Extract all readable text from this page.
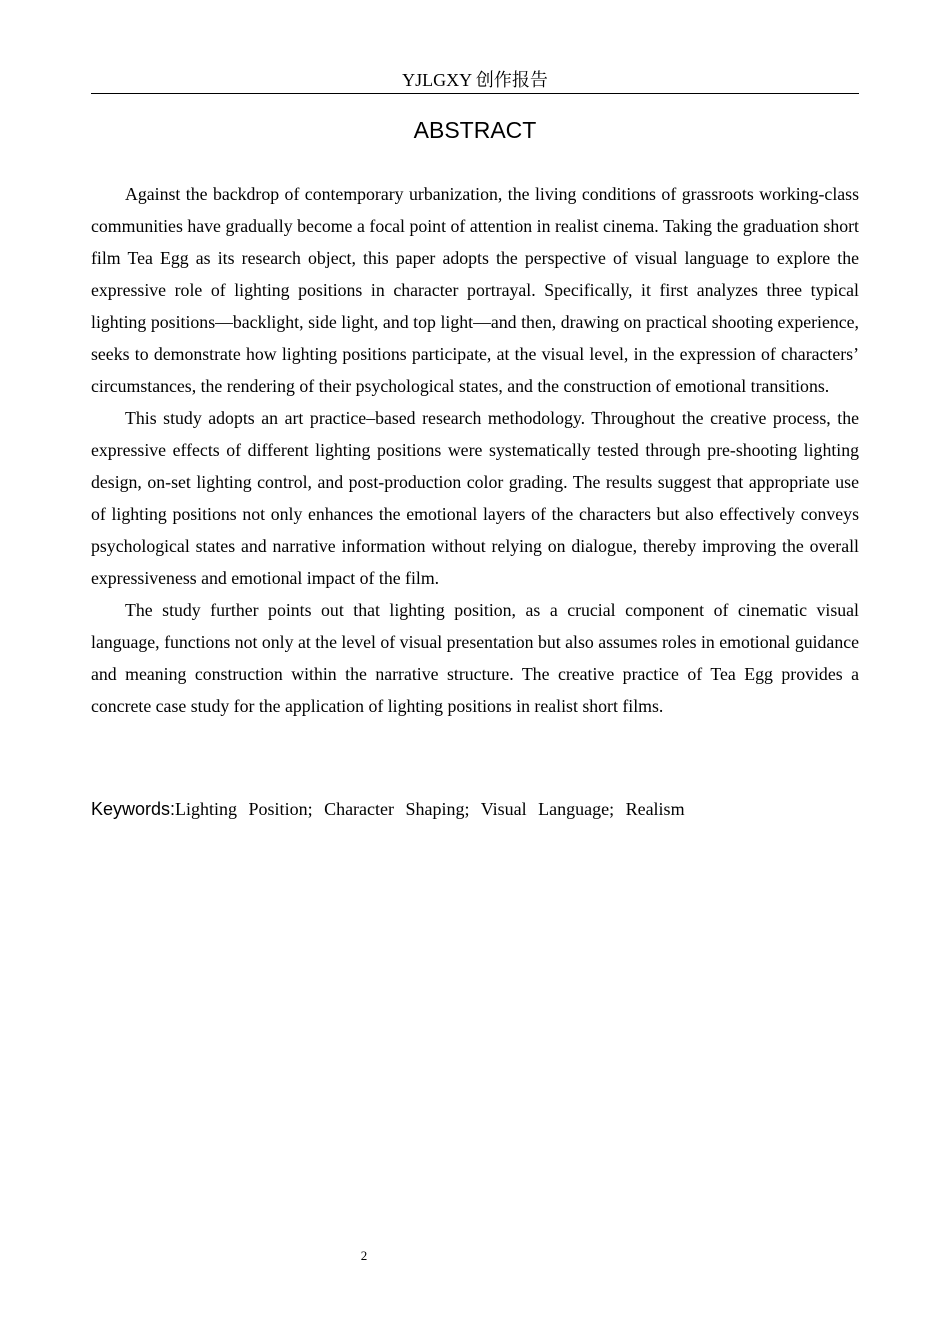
YJLGXY 创作报告
ABSTRACT

Against the backdrop of contemporary urbanization, the living conditions of grassroots working-class communities have gradually become a focal point of attention in realist cinema. Taking the graduation short film Tea Egg as its research object, this paper adopts the perspective of visual language to explore the expressive role of lighting positions in character portrayal. Specifically, it first analyzes three typical lighting positions—backlight, side light, and top light—and then, drawing on practical shooting experience, seeks to demonstrate how lighting positions participate, at the visual level, in the expression of characters’ circumstances, the rendering of their psychological states, and the construction of emotional transitions.

This study adopts an art practice–based research methodology. Throughout the creative process, the expressive effects of different lighting positions were systematically tested through pre-shooting lighting design, on-set lighting control, and post-production color grading. The results suggest that appropriate use of lighting positions not only enhances the emotional layers of the characters but also effectively conveys psychological states and narrative information without relying on dialogue, thereby improving the overall expressiveness and emotional impact of the film.

The study further points out that lighting position, as a crucial component of cinematic visual language, functions not only at the level of visual presentation but also assumes roles in emotional guidance and meaning construction within the narrative structure. The creative practice of Tea Egg provides a concrete case study for the application of lighting positions in realist short films.

Keywords:Lighting Position; Character Shaping; Visual Language; Realism
2
